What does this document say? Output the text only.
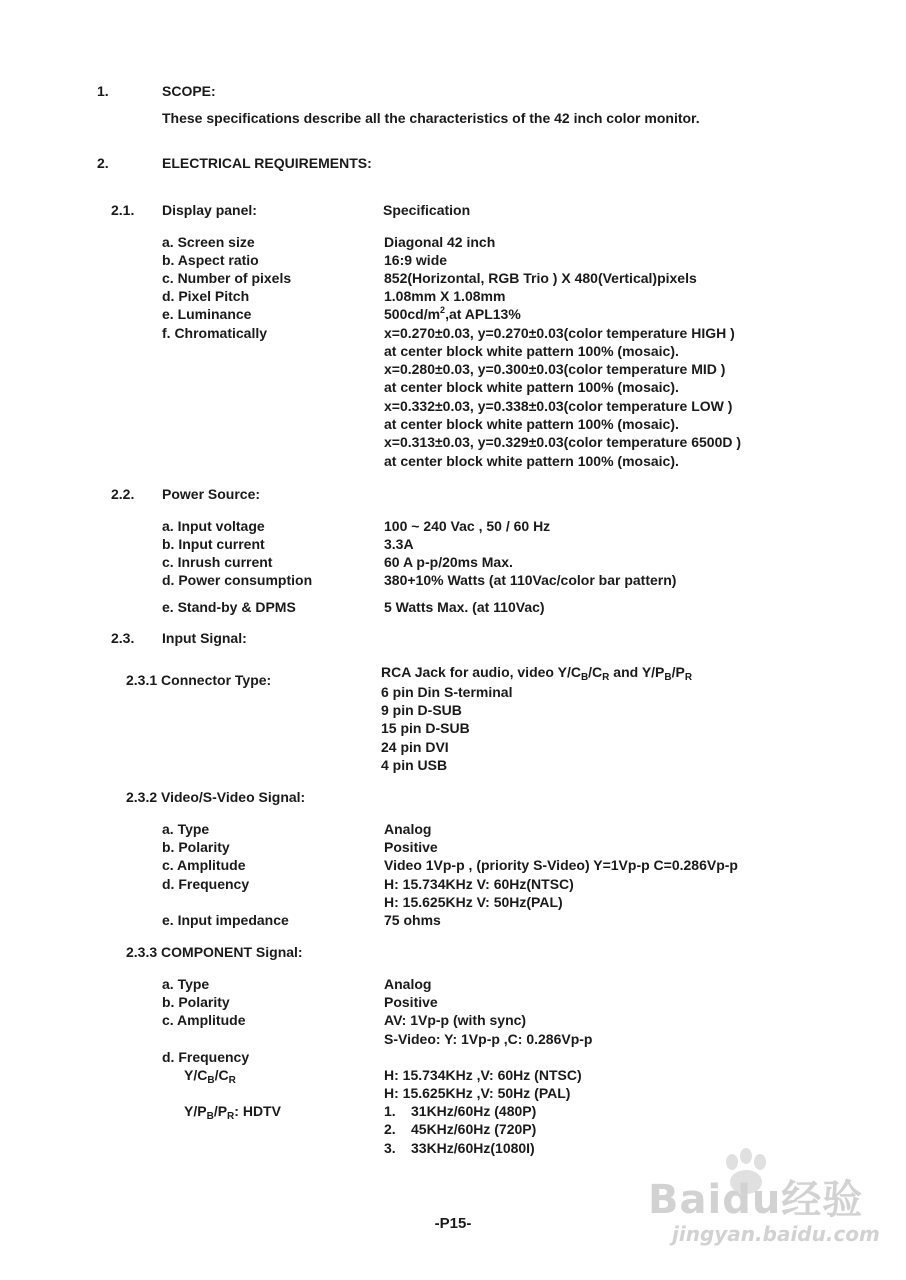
1.	SCOPE:
These specifications describe all the characteristics of the 42 inch color monitor.
2.	ELECTRICAL REQUIREMENTS:
2.1. Display panel:	Specification
a. Screen size	Diagonal 42 inch
b. Aspect ratio	16:9 wide
c. Number of pixels	852(Horizontal, RGB Trio ) X 480(Vertical)pixels
d. Pixel Pitch	1.08mm X 1.08mm
e. Luminance	$500cd/m^2,at$ APL13%
f. Chromatically	x=0.270±0.03, y=0.270±0.03(color temperature HIGH )
at center block white pattern 100% (mosaic).
x=0.280±0.03, y=0.300±0.03(color temperature MID )
at center block white pattern 100% (mosaic).
x=0.332±0.03, y=0.338±0.03(color temperature LOW )
at center block white pattern 100% (mosaic).
x=0.313±0.03, y=0.329±0.03(color temperature 6500D )
at center block white pattern 100% (mosaic).
2.2. Power Source:
a. Input voltage	100 ~ 240 Vac , 50 / 60 Hz
b. Input current	3.3A
c. Inrush current	60 A p-p/20ms Max.
d. Power consumption	380+10% Watts (at 110Vac/color bar pattern)
e. Stand-by & DPMS	5 Watts Max. (at 110Vac)
2.3. Input Signal:
2.3.1 Connector Type:	RCA Jack for audio, video $Y/C_B/C_R$ and $Y/P_B/P_R$
6 pin Din S-terminal
9 pin D-SUB
15 pin D-SUB
24 pin DVI
4 pin USB
2.3.2 Video/S-Video Signal:
a. Type	Analog
b. Polarity	Positive
c. Amplitude	Video 1Vp-p , (priority S-Video) Y=1Vp-p C=0.286Vp-p
d. Frequency	H: 15.734KHz V: 60Hz(NTSC)
H: 15.625KHz V: 50Hz(PAL)
e. Input impedance	75 ohms
2.3.3 COMPONENT Signal:
a. Type	Analog
b. Polarity	Positive
c. Amplitude	AV: 1Vp-p (with sync)
S-Video: Y: 1Vp-p ,C: 0.286Vp-p
d. Frequency
$Y/C_B/C_R$	H: 15.734KHz ,V: 60Hz (NTSC)
H: 15.625KHz ,V: 50Hz (PAL)
$Y/P_B/P_R$: HDTV	1. 31KHz/60Hz (480P)
2. 45KHz/60Hz (720P)
3. 33KHz/60Hz(1080I)
-P15-
Baidu经验
jingyan.baidu.com
